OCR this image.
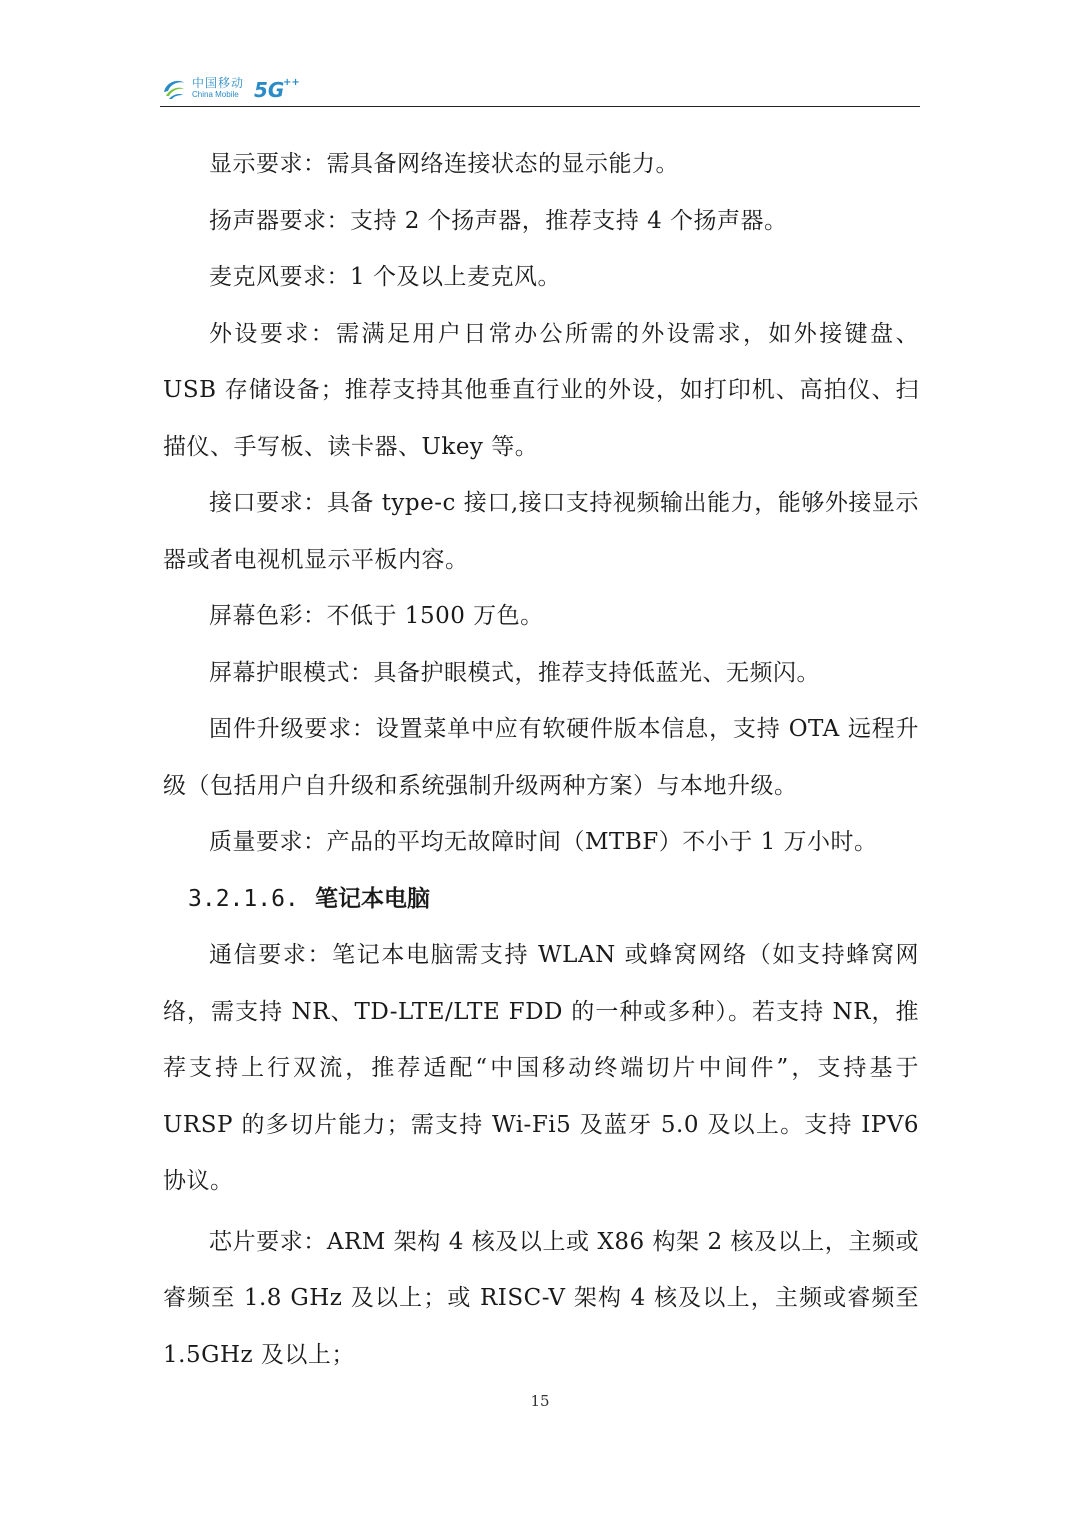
中国移动
China Mobile 5G
++

显示要求：需具备网络连接状态的显示能力。

扬声器要求：支持 2 个扬声器，推荐支持 4 个扬声器。

麦克风要求：1 个及以上麦克风。

外设要求：需满足用户日常办公所需的外设需求，如外接键盘、USB 存储设备；推荐支持其他垂直行业的外设，如打印机、高拍仪、扫描仪、手写板、读卡器、Ukey 等。

接口要求：具备 type-c 接口,接口支持视频输出能力，能够外接显示器或者电视机显示平板内容。

屏幕色彩：不低于 1500 万色。

屏幕护眼模式：具备护眼模式，推荐支持低蓝光、无频闪。

固件升级要求：设置菜单中应有软硬件版本信息，支持 OTA 远程升级（包括用户自升级和系统强制升级两种方案）与本地升级。

质量要求：产品的平均无故障时间（MTBF）不小于 1 万小时。

3.2.1.6. 笔记本电脑

通信要求：笔记本电脑需支持 WLAN 或蜂窝网络（如支持蜂窝网络，需支持 NR、TD-LTE/LTE FDD 的一种或多种）。若支持 NR，推荐支持上行双流，推荐适配“中国移动终端切片中间件”，支持基于 URSP 的多切片能力；需支持 Wi-Fi5 及蓝牙 5.0 及以上。支持 IPV6 协议。

芯片要求：ARM 架构 4 核及以上或 X86 构架 2 核及以上，主频或睿频至 1.8 GHz 及以上；或 RISC-V 架构 4 核及以上，主频或睿频至 1.5GHz 及以上；

15
